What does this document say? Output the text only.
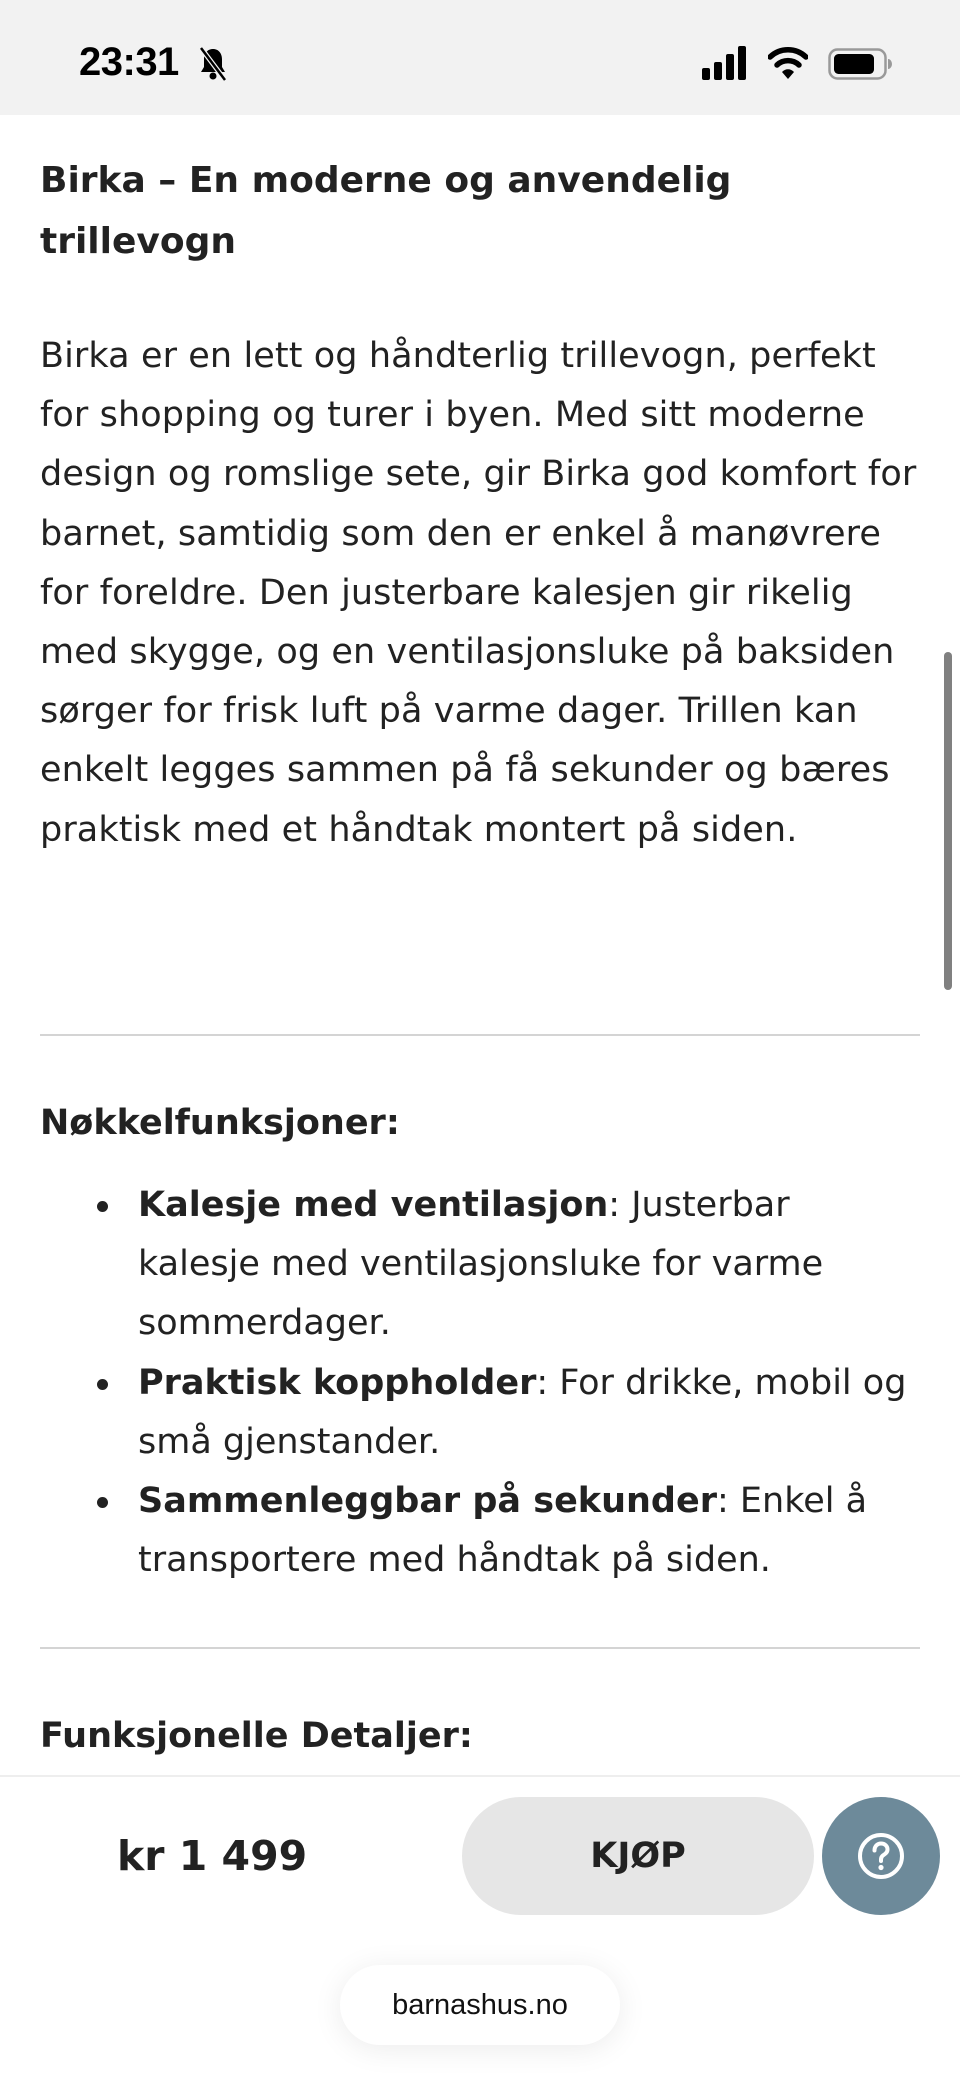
23:31
Birka – En moderne og anvendelig trillevogn

Birka er en lett og håndterlig trillevogn, perfekt for shopping og turer i byen. Med sitt moderne design og romslige sete, gir Birka god komfort for barnet, samtidig som den er enkel å manøvrere for foreldre. Den justerbare kalesjen gir rikelig med skygge, og en ventilasjonsluke på baksiden sørger for frisk luft på varme dager. Trillen kan enkelt legges sammen på få sekunder og bæres praktisk med et håndtak montert på siden.

Nøkkelfunksjoner:
Kalesje med ventilasjon: Justerbar kalesje med ventilasjonsluke for varme sommerdager.
Praktisk koppholder: For drikke, mobil og små gjenstander.
Sammenleggbar på sekunder: Enkel å transportere med håndtak på siden.
Funksjonelle Detaljer:
kr 1 499	KJØP
barnashus.no
